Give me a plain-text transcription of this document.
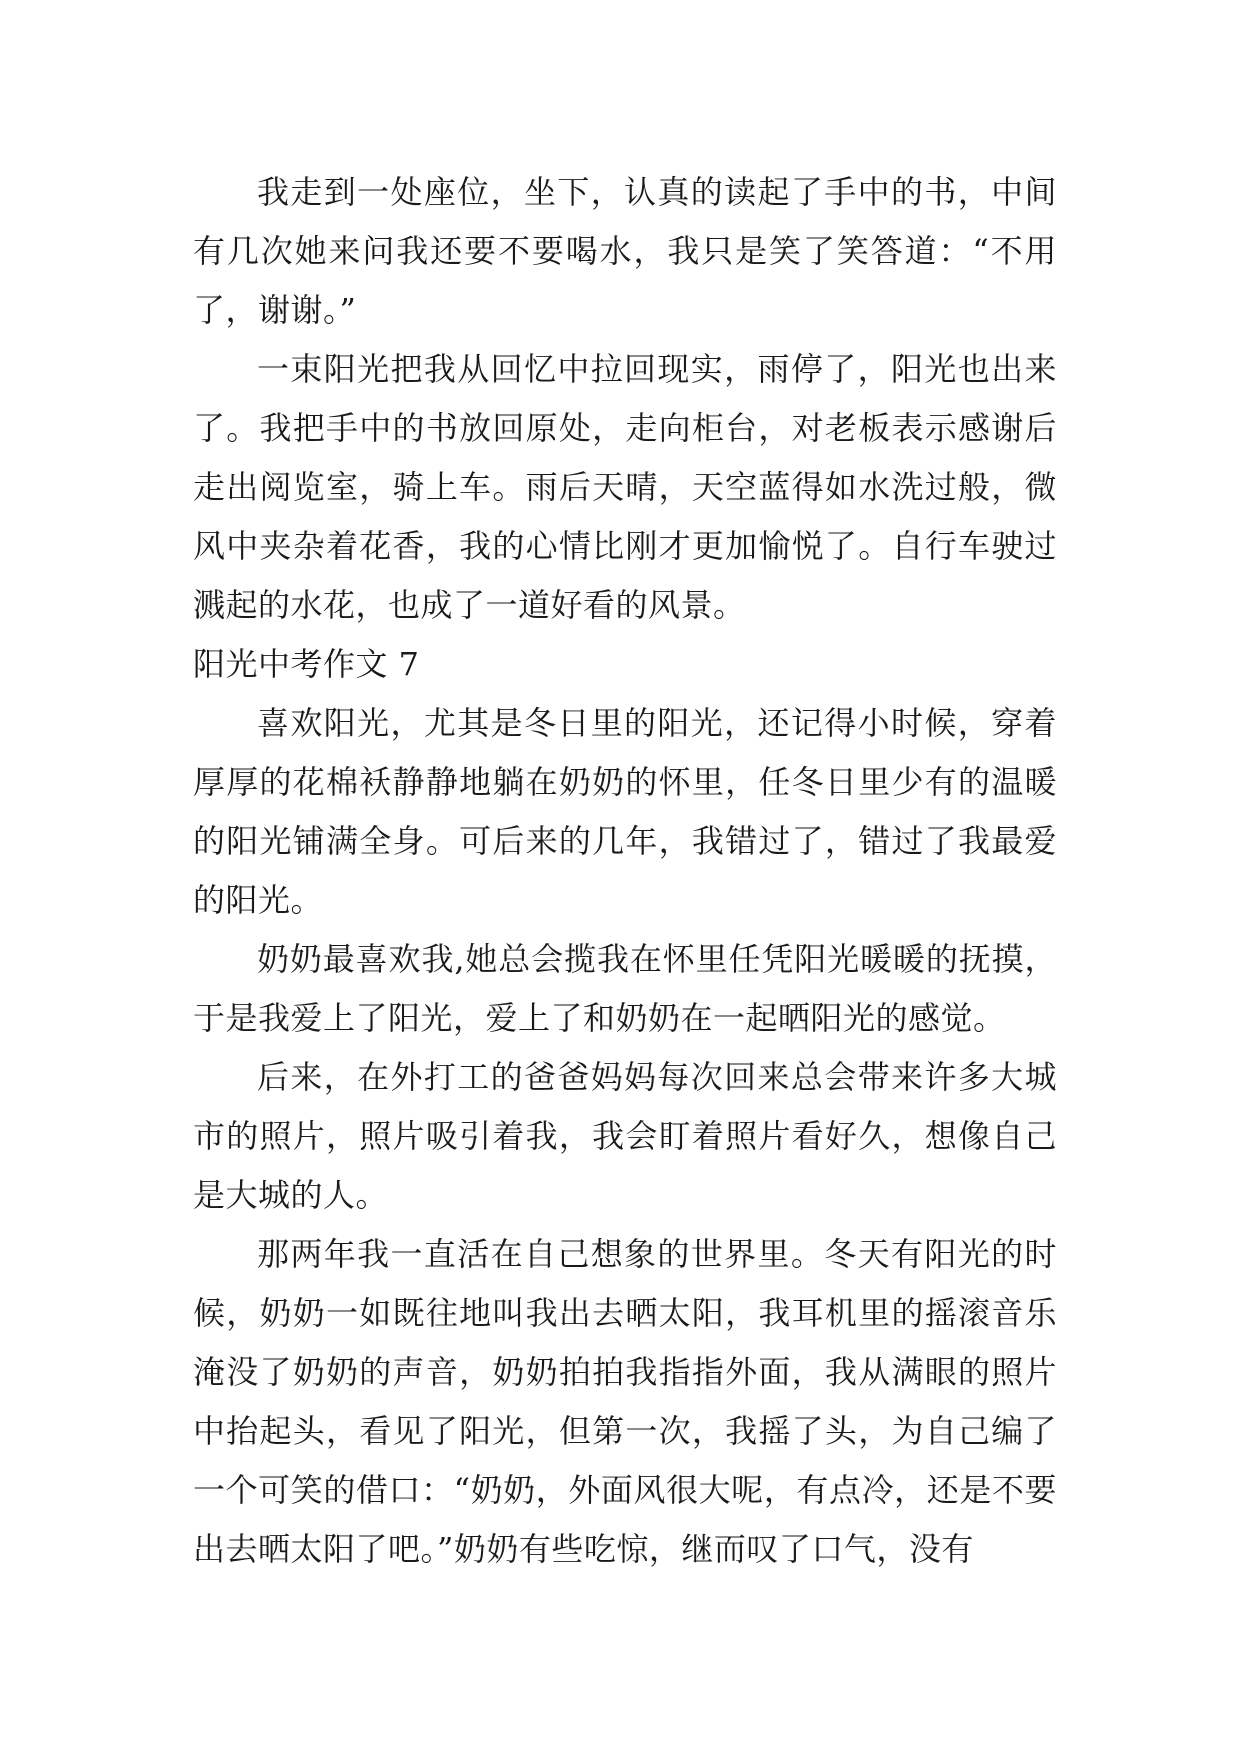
我走到一处座位，坐下，认真的读起了手中的书，中间有几次她来问我还要不要喝水，我只是笑了笑答道：“不用了，谢谢。”

一束阳光把我从回忆中拉回现实，雨停了，阳光也出来了。我把手中的书放回原处，走向柜台，对老板表示感谢后走出阅览室，骑上车。雨后天晴，天空蓝得如水洗过般，微风中夹杂着花香，我的心情比刚才更加愉悦了。自行车驶过溅起的水花，也成了一道好看的风景。

阳光中考作文 7

喜欢阳光，尤其是冬日里的阳光，还记得小时候，穿着厚厚的花棉袄静静地躺在奶奶的怀里，任冬日里少有的温暖的阳光铺满全身。可后来的几年，我错过了，错过了我最爱的阳光。

奶奶最喜欢我,她总会揽我在怀里任凭阳光暖暖的抚摸，于是我爱上了阳光，爱上了和奶奶在一起晒阳光的感觉。

后来，在外打工的爸爸妈妈每次回来总会带来许多大城市的照片，照片吸引着我，我会盯着照片看好久，想像自己是大城的人。

那两年我一直活在自己想象的世界里。冬天有阳光的时候，奶奶一如既往地叫我出去晒太阳，我耳机里的摇滚音乐淹没了奶奶的声音，奶奶拍拍我指指外面，我从满眼的照片中抬起头，看见了阳光，但第一次，我摇了头，为自己编了一个可笑的借口：“奶奶，外面风很大呢，有点冷，还是不要出去晒太阳了吧。”奶奶有些吃惊，继而叹了口气，没有
